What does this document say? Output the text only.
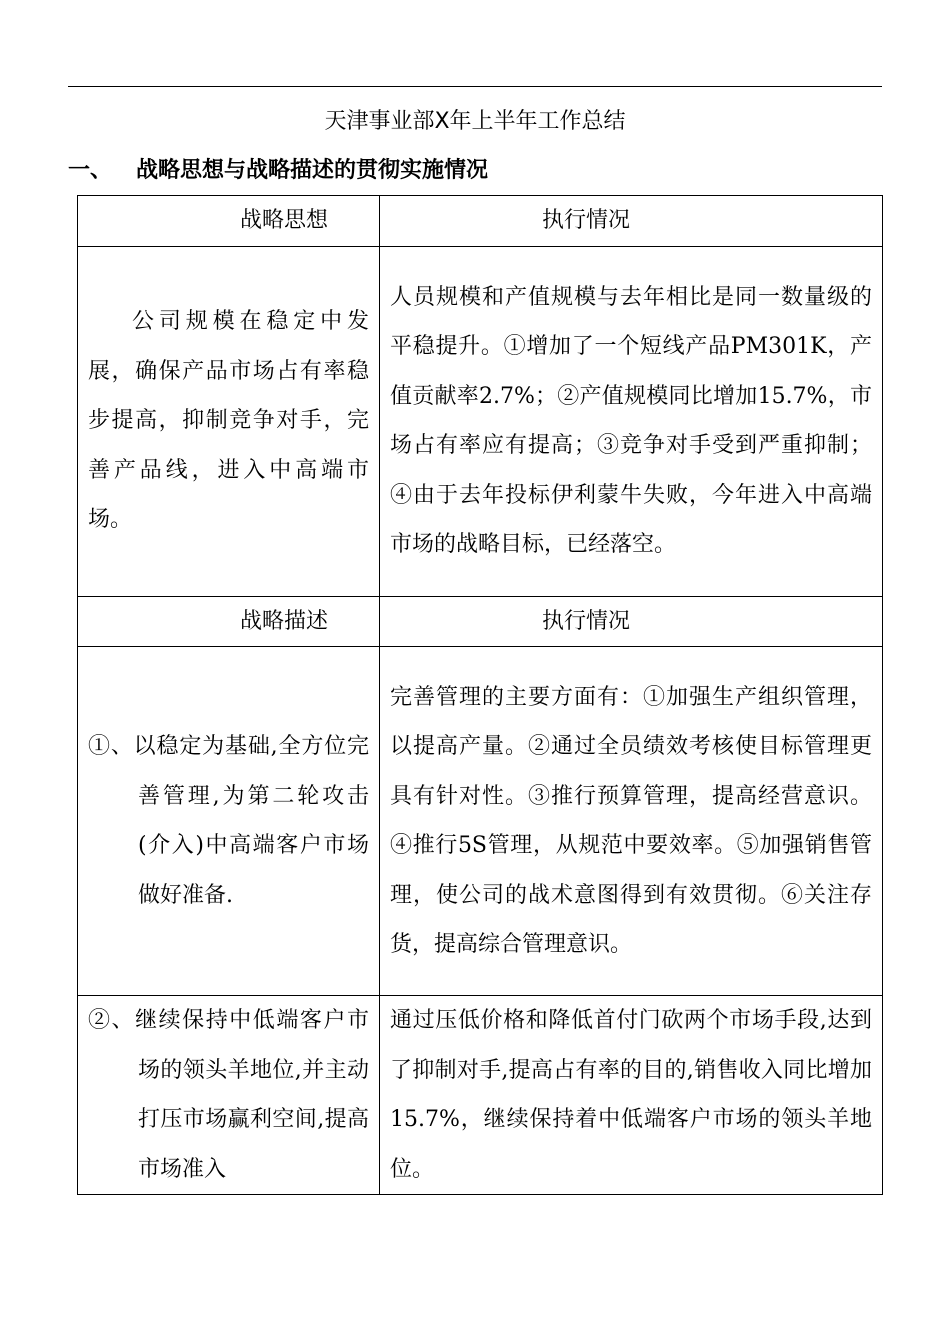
天津事业部X年上半年工作总结
一、 战略思想与战略描述的贯彻实施情况
战略思想	执行情况
公司规模在稳定中发展，确保产品市场占有率稳步提高，抑制竞争对手，完善产品线，进入中高端市场。	人员规模和产值规模与去年相比是同一数量级的平稳提升。①增加了一个短线产品PM301K，产值贡献率2.7%；②产值规模同比增加15.7%，市场占有率应有提高；③竞争对手受到严重抑制；④由于去年投标伊利蒙牛失败，今年进入中高端市场的战略目标，已经落空。
战略描述	执行情况
①、以稳定为基础,全方位完善管理,为第二轮攻击(介入)中高端客户市场做好准备.	完善管理的主要方面有：①加强生产组织管理，以提高产量。②通过全员绩效考核使目标管理更具有针对性。③推行预算管理，提高经营意识。④推行5S管理，从规范中要效率。⑤加强销售管理，使公司的战术意图得到有效贯彻。⑥关注存货，提高综合管理意识。
②、继续保持中低端客户市场的领头羊地位,并主动打压市场赢利空间,提高市场准入	通过压低价格和降低首付门砍两个市场手段,达到了抑制对手,提高占有率的目的,销售收入同比增加15.7%，继续保持着中低端客户市场的领头羊地位。
